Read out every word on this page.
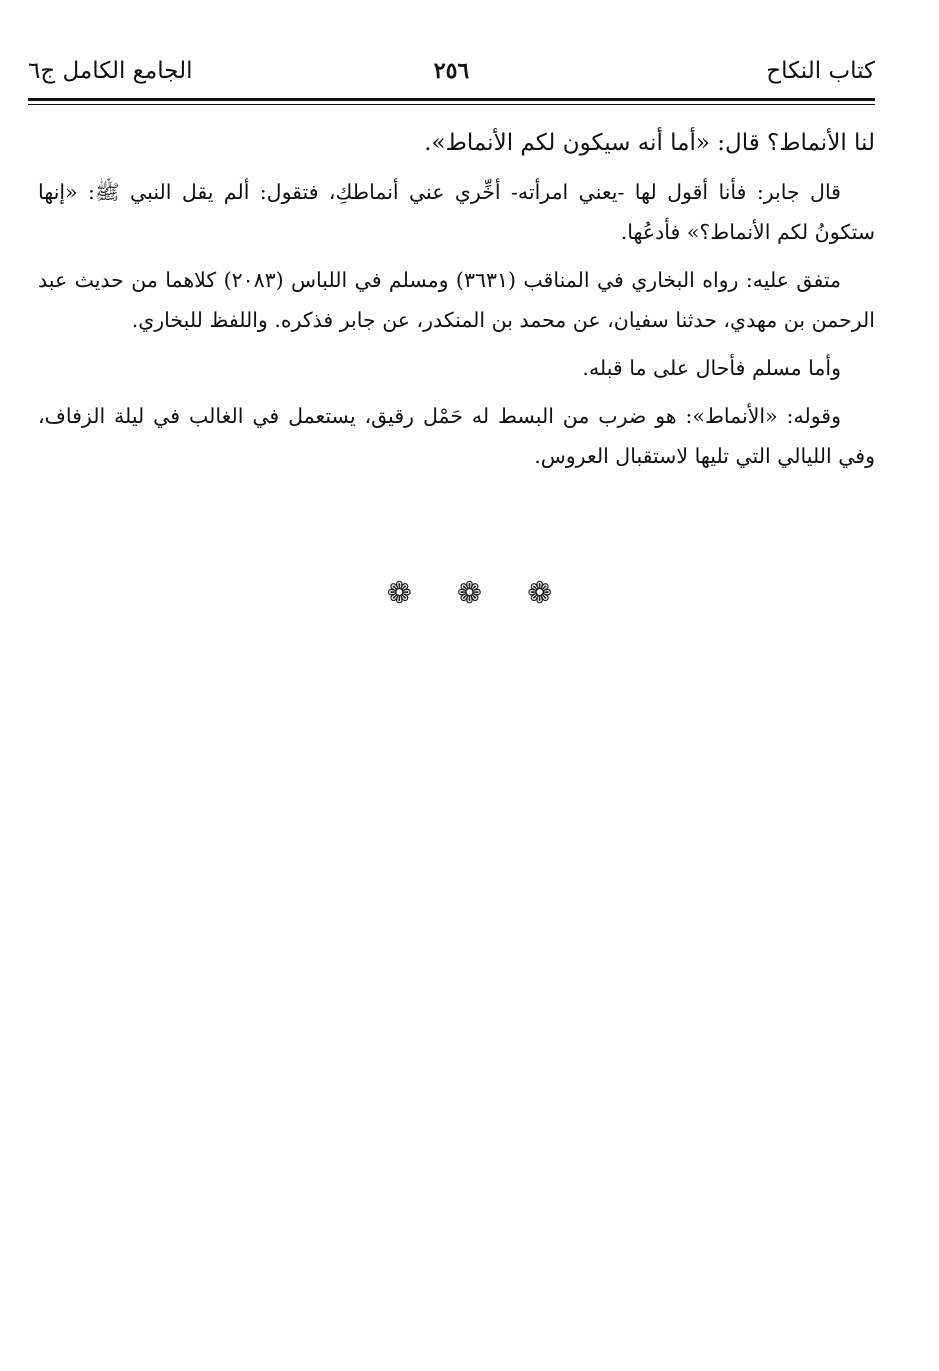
كتاب النكاح
٢٥٦
الجامع الكامل ج٦

لنا الأنماط؟ قال: «أما أنه سيكون لكم الأنماط».

قال جابر: فأنا أقول لها -يعني امرأته- أخِّري عني أنماطكِ، فتقول: ألم يقل النبي ﷺ: «إنها ستكونُ لكم الأنماط؟» فأدعُها.

متفق عليه: رواه البخاري في المناقب (٣٦٣١) ومسلم في اللباس (٢٠٨٣) كلاهما من حديث عبد الرحمن بن مهدي، حدثنا سفيان، عن محمد بن المنكدر، عن جابر فذكره. واللفظ للبخاري.

وأما مسلم فأحال على ما قبله.

وقوله: «الأنماط»: هو ضرب من البسط له حَمْل رقيق، يستعمل في الغالب في ليلة الزفاف، وفي الليالي التي تليها لاستقبال العروس.

❁ ❁ ❁
